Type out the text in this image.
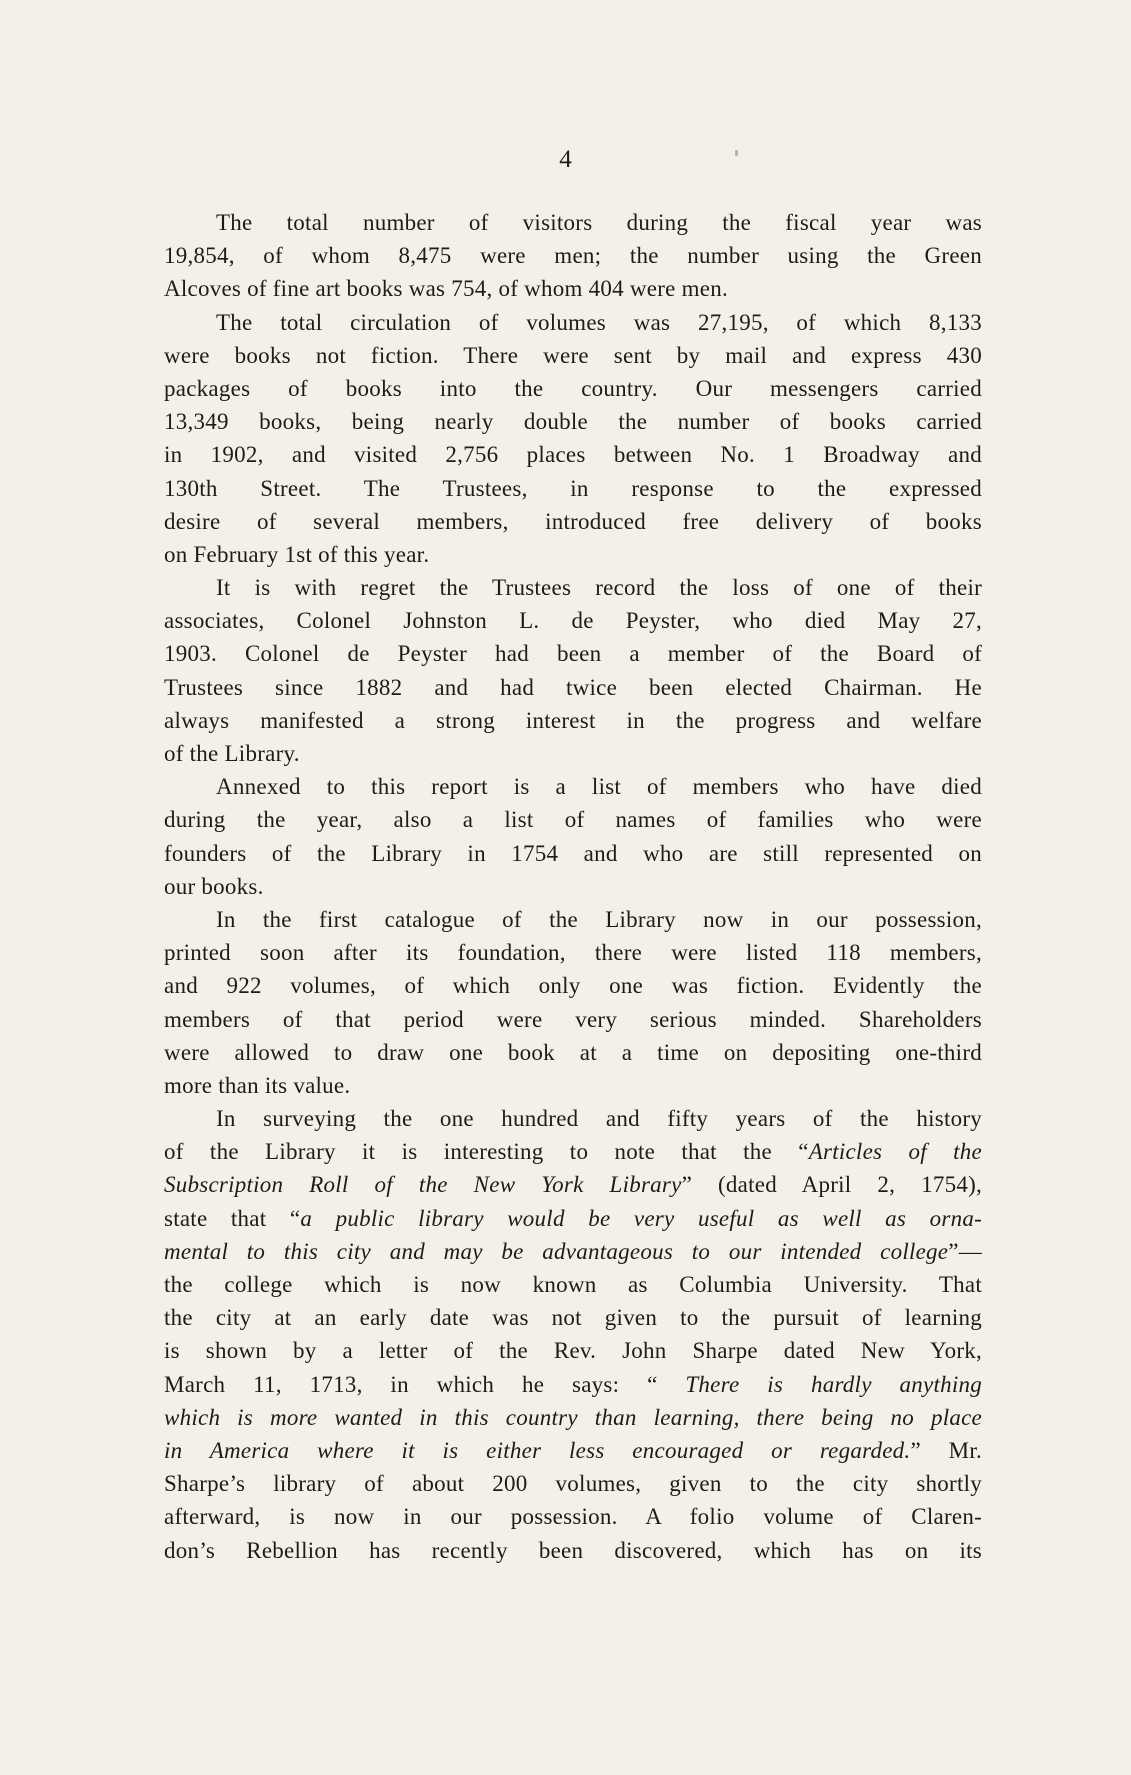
4
The total number of visitors during the fiscal year was
19,854, of whom 8,475 were men; the number using the Green
Alcoves of fine art books was 754, of whom 404 were men.
The total circulation of volumes was 27,195, of which 8,133
were books not fiction. There were sent by mail and express 430
packages of books into the country. Our messengers carried
13,349 books, being nearly double the number of books carried
in 1902, and visited 2,756 places between No. 1 Broadway and
130th Street. The Trustees, in response to the expressed
desire of several members, introduced free delivery of books
on February 1st of this year.
It is with regret the Trustees record the loss of one of their
associates, Colonel Johnston L. de Peyster, who died May 27,
1903. Colonel de Peyster had been a member of the Board of
Trustees since 1882 and had twice been elected Chairman. He
always manifested a strong interest in the progress and welfare
of the Library.
Annexed to this report is a list of members who have died
during the year, also a list of names of families who were
founders of the Library in 1754 and who are still represented on
our books.
In the first catalogue of the Library now in our possession,
printed soon after its foundation, there were listed 118 members,
and 922 volumes, of which only one was fiction. Evidently the
members of that period were very serious minded. Shareholders
were allowed to draw one book at a time on depositing one-third
more than its value.
In surveying the one hundred and fifty years of the history
of the Library it is interesting to note that the “Articles of the
Subscription Roll of the New York Library” (dated April 2, 1754),
state that “a public library would be very useful as well as orna-
mental to this city and may be advantageous to our intended college”—
the college which is now known as Columbia University. That
the city at an early date was not given to the pursuit of learning
is shown by a letter of the Rev. John Sharpe dated New York,
March 11, 1713, in which he says: “ There is hardly anything
which is more wanted in this country than learning, there being no place
in America where it is either less encouraged or regarded.” Mr.
Sharpe’s library of about 200 volumes, given to the city shortly
afterward, is now in our possession. A folio volume of Claren-
don’s Rebellion has recently been discovered, which has on its
